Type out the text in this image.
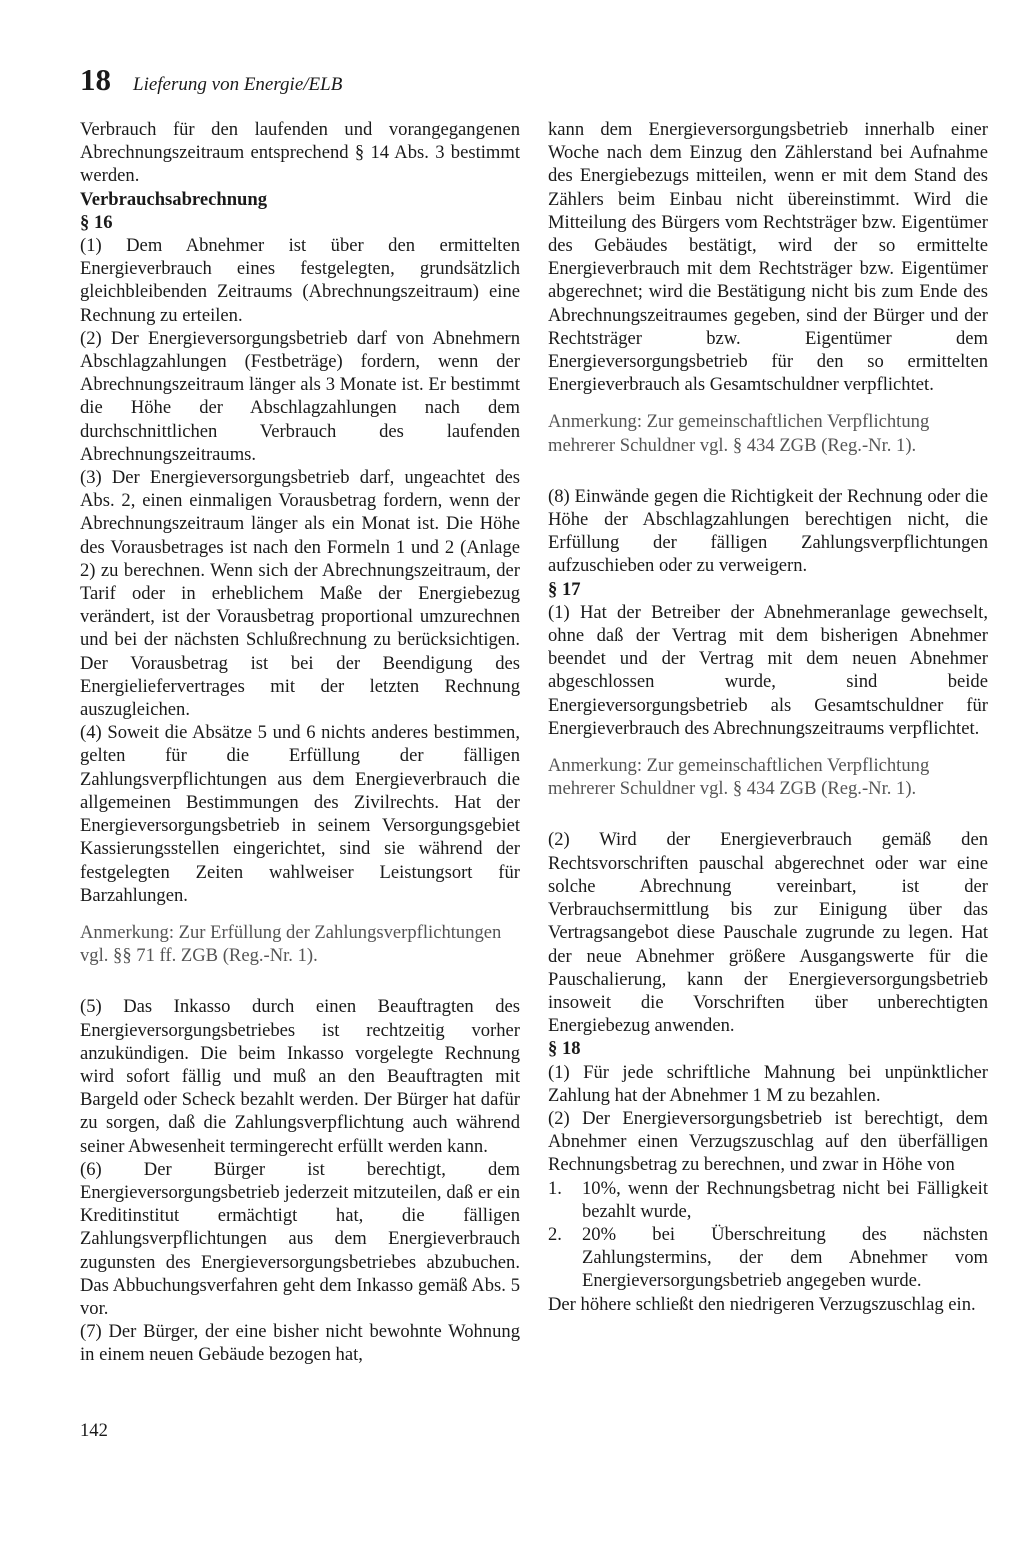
18 Lieferung von Energie/ELB

Verbrauch für den laufenden und vorangegangenen Abrechnungszeitraum entsprechend § 14 Abs. 3 bestimmt werden.

Verbrauchsabrechnung

§ 16

(1) Dem Abnehmer ist über den ermittelten Energieverbrauch eines festgelegten, grundsätzlich gleichbleibenden Zeitraums (Abrechnungszeitraum) eine Rechnung zu erteilen.

(2) Der Energieversorgungsbetrieb darf von Abnehmern Abschlagzahlungen (Festbeträge) fordern, wenn der Abrechnungszeitraum länger als 3 Monate ist. Er bestimmt die Höhe der Abschlagzahlungen nach dem durchschnittlichen Verbrauch des laufenden Abrechnungszeitraums.

(3) Der Energieversorgungsbetrieb darf, ungeachtet des Abs. 2, einen einmaligen Vorausbetrag fordern, wenn der Abrechnungszeitraum länger als ein Monat ist. Die Höhe des Vorausbetrages ist nach den Formeln 1 und 2 (Anlage 2) zu berechnen. Wenn sich der Abrechnungszeitraum, der Tarif oder in erheblichem Maße der Energiebezug verändert, ist der Vorausbetrag proportional umzurechnen und bei der nächsten Schlußrechnung zu berücksichtigen. Der Vorausbetrag ist bei der Beendigung des Energieliefervertrages mit der letzten Rechnung auszugleichen.

(4) Soweit die Absätze 5 und 6 nichts anderes bestimmen, gelten für die Erfüllung der fälligen Zahlungsverpflichtungen aus dem Energieverbrauch die allgemeinen Bestimmungen des Zivilrechts. Hat der Energieversorgungsbetrieb in seinem Versorgungsgebiet Kassierungsstellen eingerichtet, sind sie während der festgelegten Zeiten wahlweiser Leistungsort für Barzahlungen.

Anmerkung: Zur Erfüllung der Zahlungsverpflichtungen vgl. §§ 71 ff. ZGB (Reg.-Nr. 1).

(5) Das Inkasso durch einen Beauftragten des Energieversorgungsbetriebes ist rechtzeitig vorher anzukündigen. Die beim Inkasso vorgelegte Rechnung wird sofort fällig und muß an den Beauftragten mit Bargeld oder Scheck bezahlt werden. Der Bürger hat dafür zu sorgen, daß die Zahlungsverpflichtung auch während seiner Abwesenheit termingerecht erfüllt werden kann.

(6) Der Bürger ist berechtigt, dem Energieversorgungsbetrieb jederzeit mitzuteilen, daß er ein Kreditinstitut ermächtigt hat, die fälligen Zahlungsverpflichtungen aus dem Energieverbrauch zugunsten des Energieversorgungsbetriebes abzubuchen. Das Abbuchungsverfahren geht dem Inkasso gemäß Abs. 5 vor.

(7) Der Bürger, der eine bisher nicht bewohnte Wohnung in einem neuen Gebäude bezogen hat,

kann dem Energieversorgungsbetrieb innerhalb einer Woche nach dem Einzug den Zählerstand bei Aufnahme des Energiebezugs mitteilen, wenn er mit dem Stand des Zählers beim Einbau nicht übereinstimmt. Wird die Mitteilung des Bürgers vom Rechtsträger bzw. Eigentümer des Gebäudes bestätigt, wird der so ermittelte Energieverbrauch mit dem Rechtsträger bzw. Eigentümer abgerechnet; wird die Bestätigung nicht bis zum Ende des Abrechnungszeitraumes gegeben, sind der Bürger und der Rechtsträger bzw. Eigentümer dem Energieversorgungsbetrieb für den so ermittelten Energieverbrauch als Gesamtschuldner verpflichtet.

Anmerkung: Zur gemeinschaftlichen Verpflichtung mehrerer Schuldner vgl. § 434 ZGB (Reg.-Nr. 1).

(8) Einwände gegen die Richtigkeit der Rechnung oder die Höhe der Abschlagzahlungen berechtigen nicht, die Erfüllung der fälligen Zahlungsverpflichtungen aufzuschieben oder zu verweigern.

§ 17

(1) Hat der Betreiber der Abnehmeranlage gewechselt, ohne daß der Vertrag mit dem bisherigen Abnehmer beendet und der Vertrag mit dem neuen Abnehmer abgeschlossen wurde, sind beide Energieversorgungsbetrieb als Gesamtschuldner für Energieverbrauch des Abrechnungszeitraums verpflichtet.

Anmerkung: Zur gemeinschaftlichen Verpflichtung mehrerer Schuldner vgl. § 434 ZGB (Reg.-Nr. 1).

(2) Wird der Energieverbrauch gemäß den Rechtsvorschriften pauschal abgerechnet oder war eine solche Abrechnung vereinbart, ist der Verbrauchsermittlung bis zur Einigung über das Vertragsangebot diese Pauschale zugrunde zu legen. Hat der neue Abnehmer größere Ausgangswerte für die Pauschalierung, kann der Energieversorgungsbetrieb insoweit die Vorschriften über unberechtigten Energiebezug anwenden.

§ 18

(1) Für jede schriftliche Mahnung bei unpünktlicher Zahlung hat der Abnehmer 1 M zu bezahlen.

(2) Der Energieversorgungsbetrieb ist berechtigt, dem Abnehmer einen Verzugszuschlag auf den überfälligen Rechnungsbetrag zu berechnen, und zwar in Höhe von

1.	10%, wenn der Rechnungsbetrag nicht bei Fälligkeit bezahlt wurde,
2.	20% bei Überschreitung des nächsten Zahlungstermins, der dem Abnehmer vom Energieversorgungsbetrieb angegeben wurde.

Der höhere schließt den niedrigeren Verzugszuschlag ein.

142
